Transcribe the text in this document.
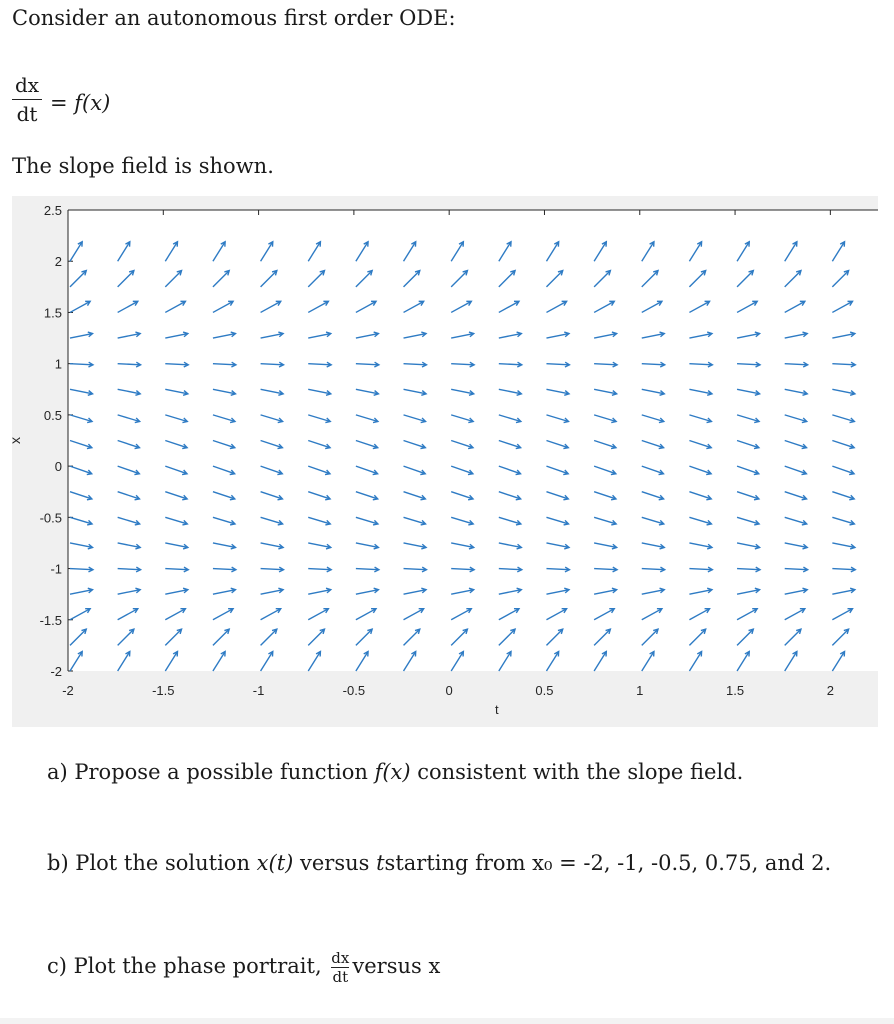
Consider an autonomous first order ODE:
dx
dt = f(x)
The slope field is shown.
-2	-1.5	-1	-0.5	0	0.5	1	1.5	2
-2
-1.5
-1
-0.5
0
0.5
1
1.5
2
2.5
t
x
a) Propose a possible function f(x) consistent with the slope field.
b) Plot the solution x(t) versus tstarting from x₀ = -2, -1, -0.5, 0.75, and 2.
c) Plot the phase portrait, $\frac{dx}{dt}$ versus x
